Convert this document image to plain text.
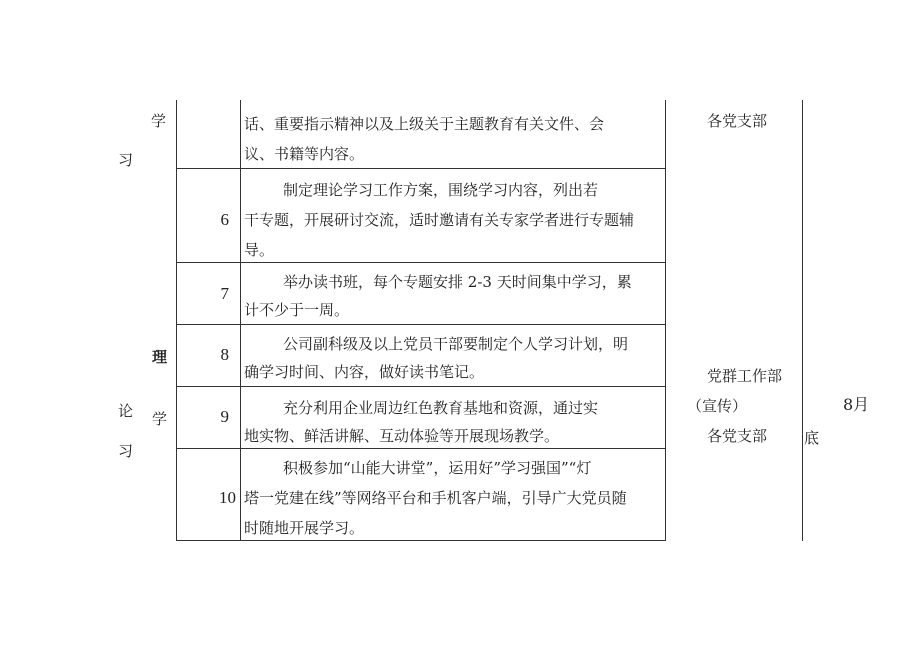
学
习
理
论 学
习
话、重要指示精神以及上级关于主题教育有关文件、会
议、书籍等内容。
6
制定理论学习工作方案，围绕学习内容，列出若
干专题，开展研讨交流，适时邀请有关专家学者进行专题辅
导。
7
举办读书班，每个专题安排 2-3 天时间集中学习，累
计不少于一周。
8
公司副科级及以上党员干部要制定个人学习计划，明
确学习时间、内容，做好读书笔记。
9	充分利用企业周边红色教育基地和资源，通过实
地实物、鲜活讲解、互动体验等开展现场教学。
10
积极参加“山能大讲堂”，运用好”学习强国”“灯
塔一党建在线”等网络平台和手机客户端，引导广大党员随
时随地开展学习。
各党支部
党群工作部
（宣传）
各党支部
8月
底
